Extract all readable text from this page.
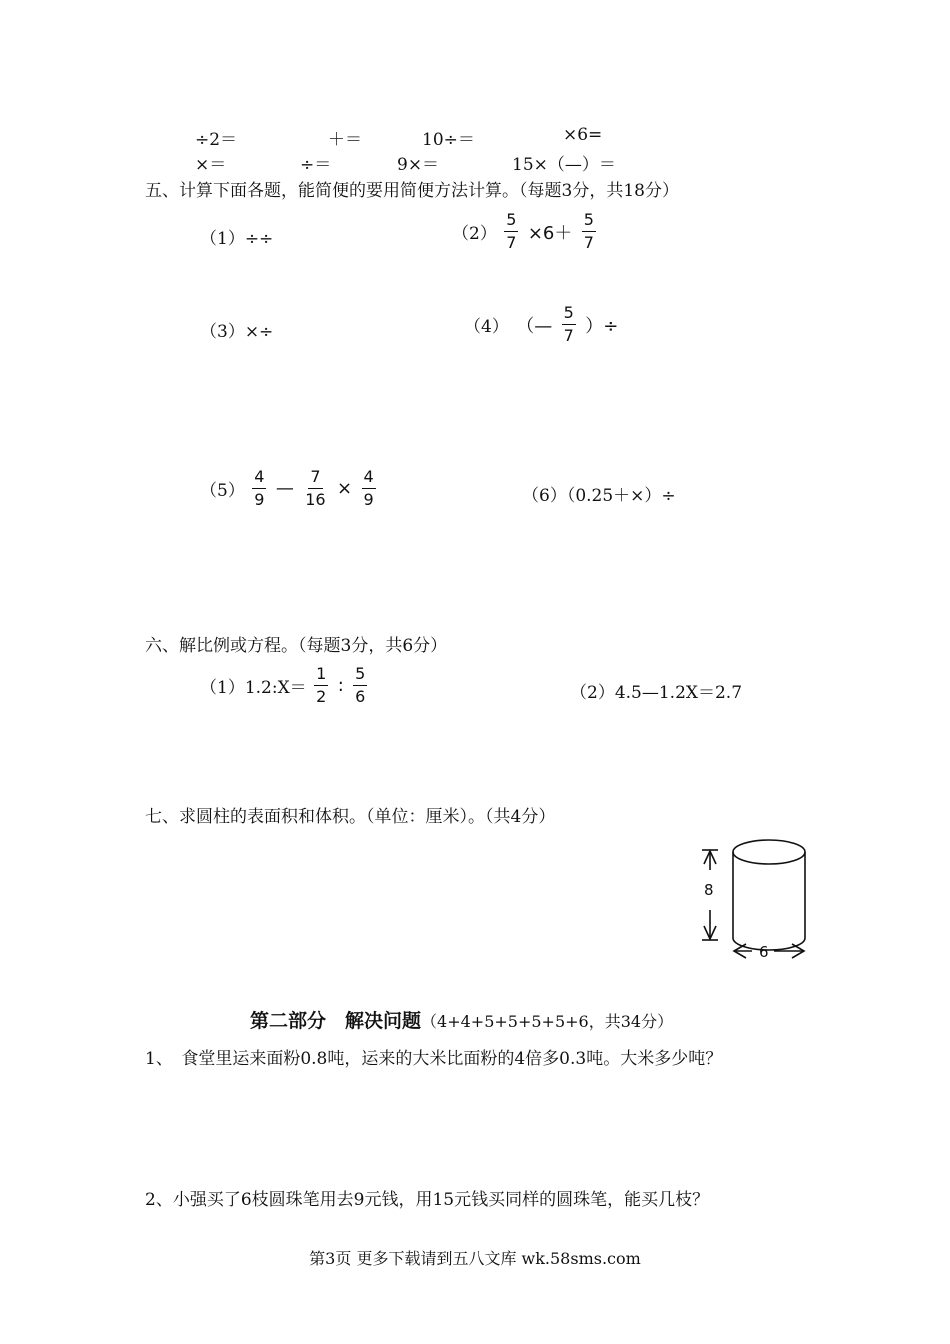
÷2＝	＋＝	10÷＝	×6=
×＝	÷＝	9×＝	15×（—）＝
五、计算下面各题，能简便的要用简便方法计算。（每题3分，共18分）
（1）÷÷	$(2) \frac{5}{7} \times 6+ \frac{5}{7}$
（3）×÷	（4） （— $\frac{5}{7}$ ）÷
$(5) \frac{4}{9}$ — $\frac{7}{16} \times \frac{4}{9}$	（6）（0.25＋×）÷
六、解比例或方程。（每题3分，共6分）
（1）1.2:X＝ $\frac{1}{2}$ : $\frac{5}{6}$	（2）4.5—1.2X＝2.7
七、求圆柱的表面积和体积。（单位：厘米）。（共4分）
8
6
第二部分　解决问题（4+4+5+5+5+5+6，共34分）
1、　食堂里运来面粉0.8吨，运来的大米比面粉的4倍多0.3吨。大米多少吨？
2、小强买了6枝圆珠笔用去9元钱，用15元钱买同样的圆珠笔，能买几枝？
第3页 更多下载请到五八文库 wk.58sms.com
